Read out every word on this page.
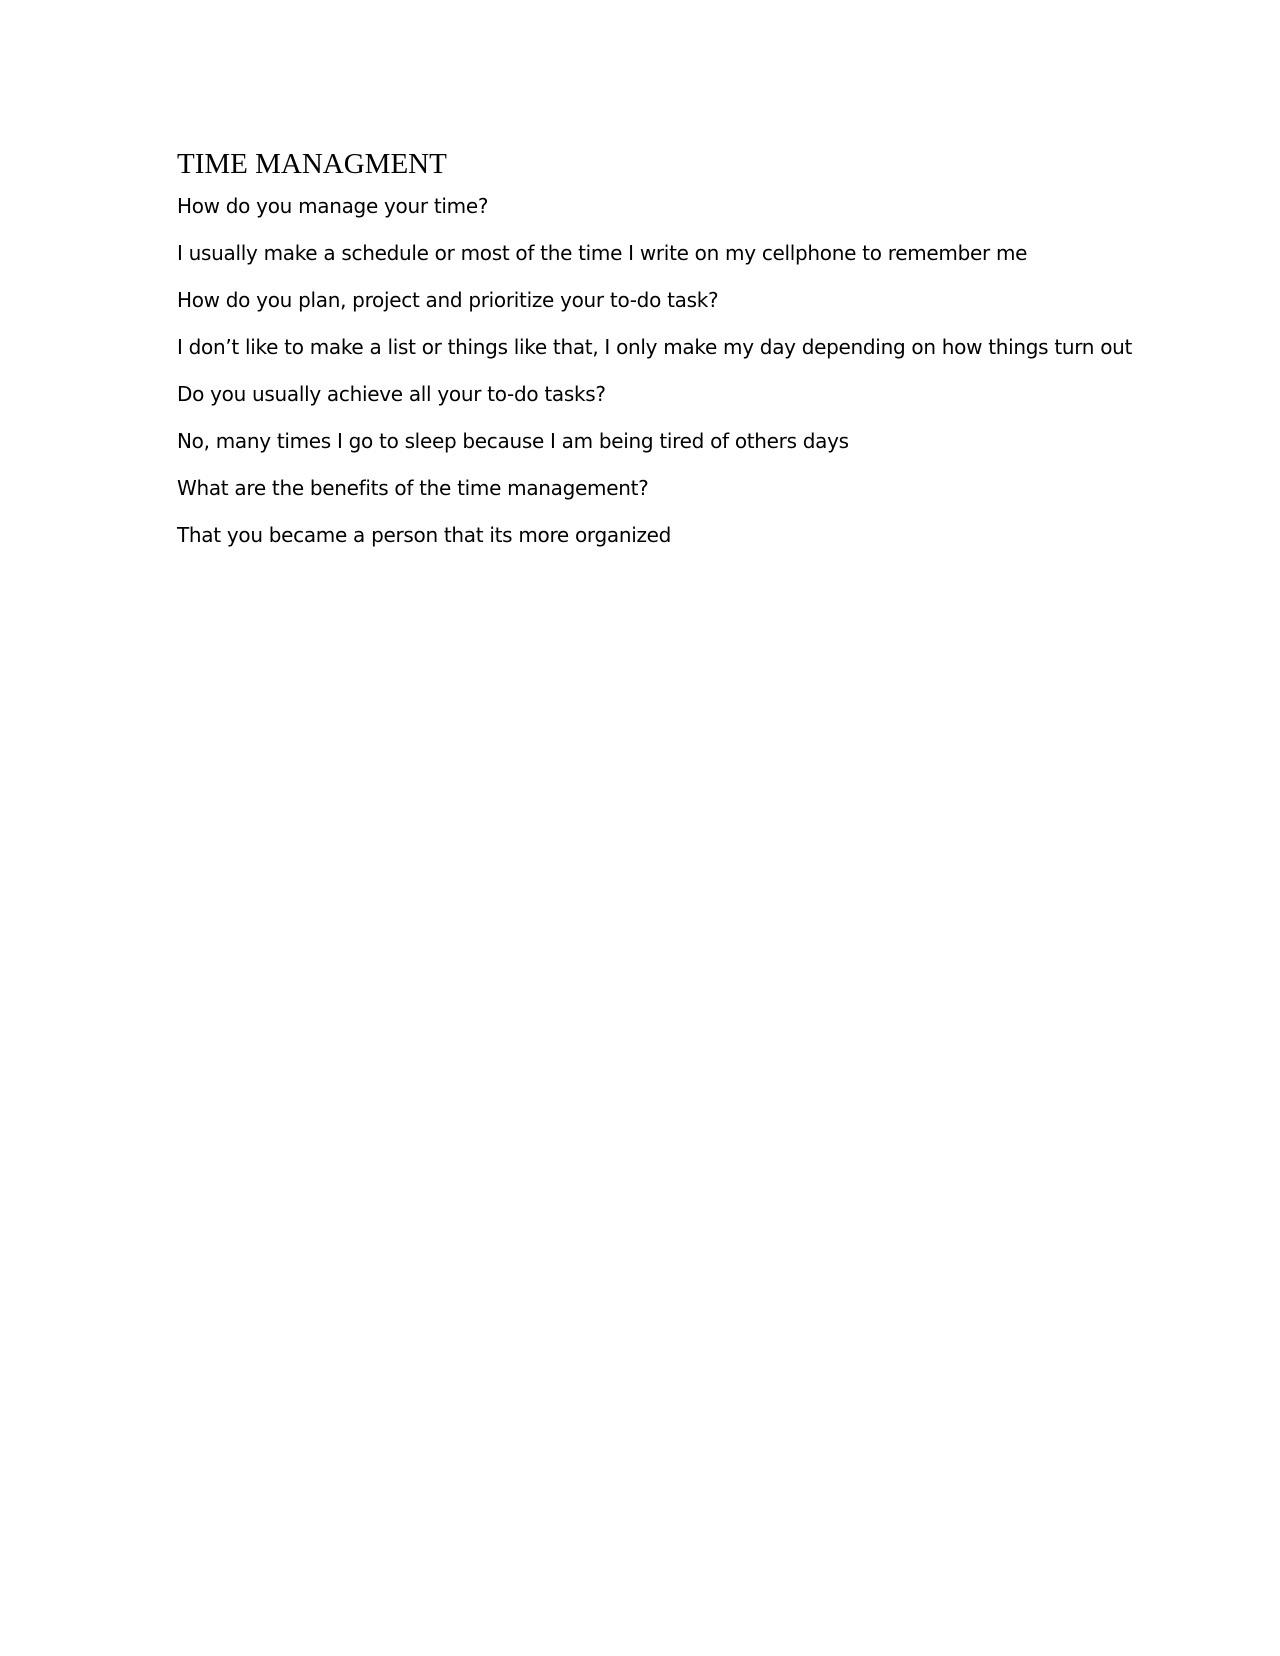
TIME MANAGMENT

How do you manage your time?

I usually make a schedule or most of the time I write on my cellphone to remember me

How do you plan, project and prioritize your to-do task?

I don’t like to make a list or things like that, I only make my day depending on how things turn out

Do you usually achieve all your to-do tasks?

No, many times I go to sleep because I am being tired of others days

What are the benefits of the time management?

That you became a person that its more organized
